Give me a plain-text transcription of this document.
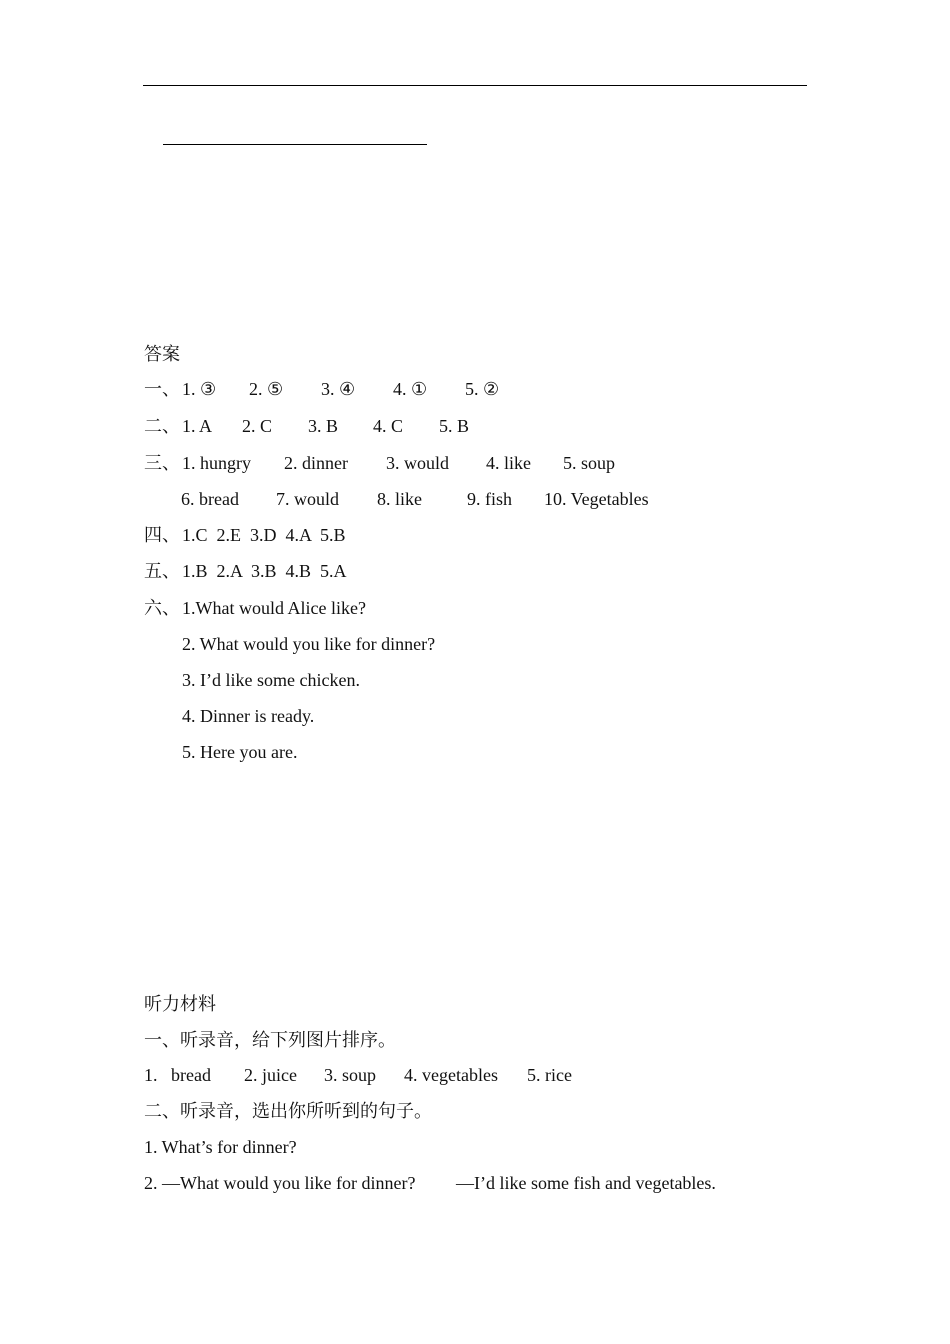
答案
一、 1. ③ 2. ⑤ 3. ④ 4. ① 5. ②
二、 1. A 2. C 3. B 4. C 5. B
三、 1. hungry 2. dinner 3. would 4. like 5. soup
6. bread 7. would 8. like	9. fish 10. Vegetables
四、 1.C  2.E  3.D  4.A  5.B
五、 1.B  2.A  3.B  4.B  5.A
六、 1.What would Alice like?
2. What would you like for dinner?
3. I’d like some chicken.
4. Dinner is ready.
5. Here you are.
听力材料
一、听录音，给下列图片排序。
1.   bread 2. juice 3. soup 4. vegetables 5. rice
二、听录音，选出你所听到的句子。
1. What’s for dinner?
2. —What would you like for dinner? —I’d like some fish and vegetables.
